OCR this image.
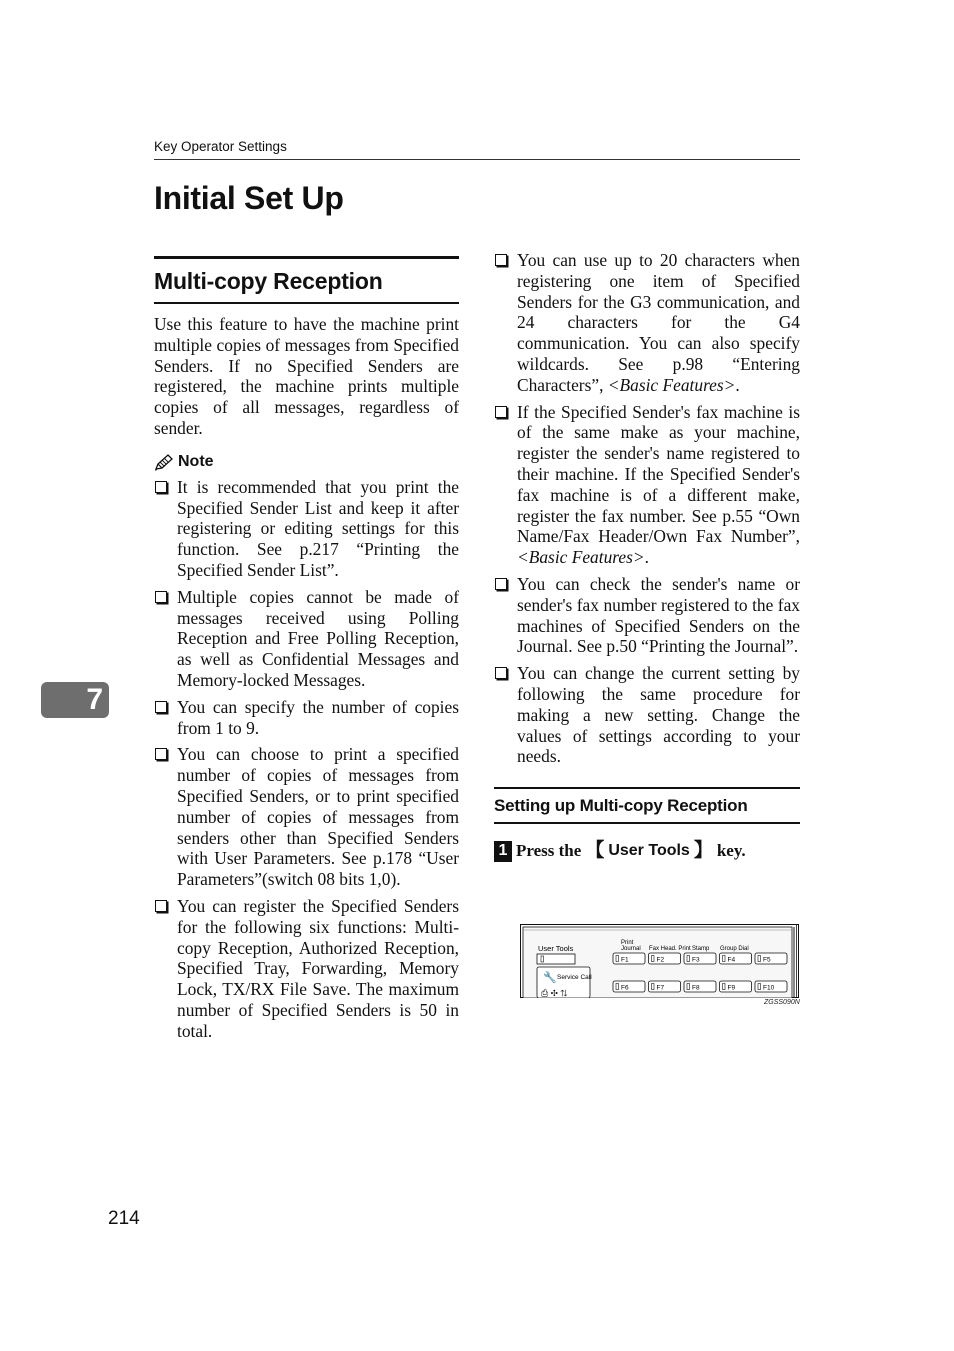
Key Operator Settings
Initial Set Up
7
Multi-copy Reception

Use this feature to have the machine print multiple copies of messages from Specified Senders. If no Specified Senders are registered, the machine prints multiple copies of all messages, regardless of sender.

Note
It is recommended that you print the Specified Sender List and keep it after registering or editing settings for this function. See p.217 “Printing the Specified Sender List”.
Multiple copies cannot be made of messages received using Polling Reception and Free Polling Reception, as well as Confidential Messages and Memory-locked Messages.
You can specify the number of copies from 1 to 9.
You can choose to print a specified number of copies of messages from Specified Senders, or to print specified number of copies of messages from senders other than Specified Senders with User Parameters. See p.178 “User Parameters”(switch 08 bits 1,0).
You can register the Specified Senders for the following six functions: Multi-copy Reception, Authorized Reception, Specified Tray, Forwarding, Memory Lock, TX/RX File Save. The maximum number of Specified Senders is 50 in total.
You can use up to 20 characters when registering one item of Specified Senders for the G3 communication, and 24 characters for the G4 communication. You can also specify wildcards. See p.98 “Entering Characters”, <Basic Features>.
If the Specified Sender's fax machine is of the same make as your machine, register the sender's name registered to their machine. If the Specified Sender's fax machine is of a different make, register the fax number. See p.55 “Own Name/Fax Header/Own Fax Number”, <Basic Features>.
You can check the sender's name or sender's fax number registered to the fax machines of Specified Senders on the Journal. See p.50 “Printing the Journal”.
You can change the current setting by following the same procedure for making a new setting. Change the values of settings according to your needs.
Setting up Multi-copy Reception
1 Press the 【 User Tools 】 key.
User Tools
🔧 Service Call
⎙ ✣ ⇅
Print
Journal Fax Head. Print Stamp Group Dial
F1	F2	F3	F4	F5
F6	F7	F8	F9	F10
ZGSS090N
214
